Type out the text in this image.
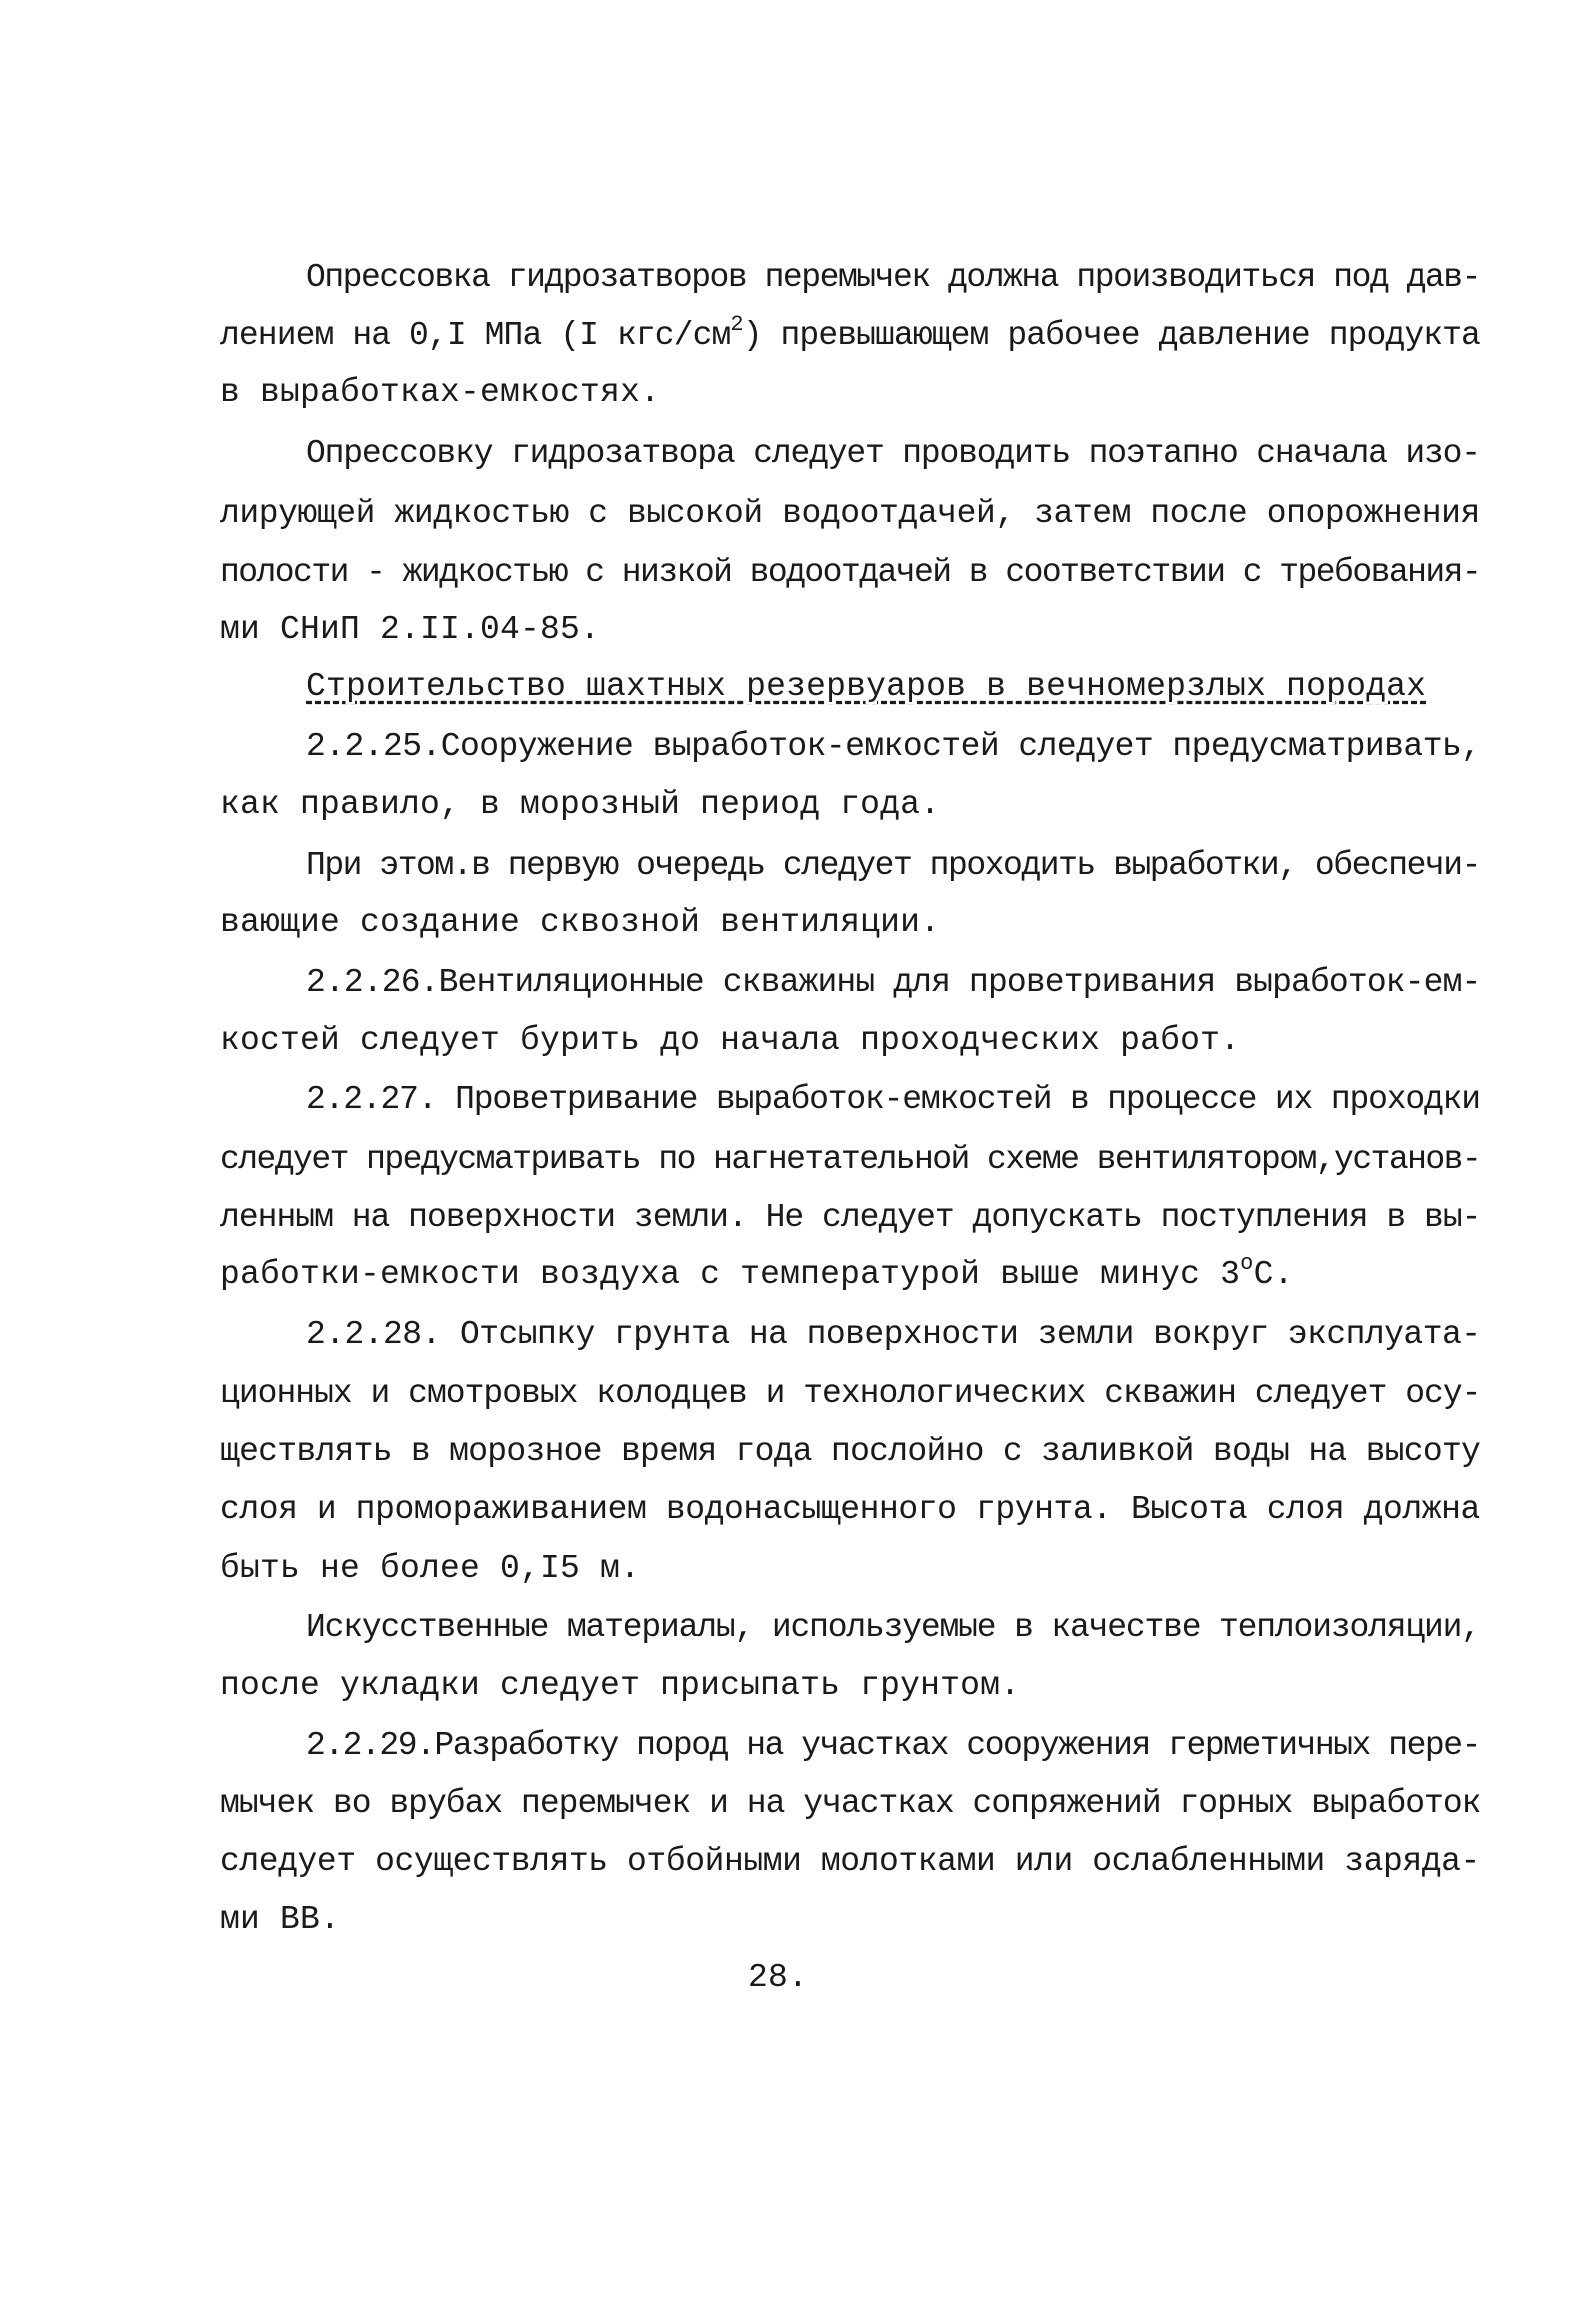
Опрессовка гидрозатворов перемычек должна производиться под дав-
лением на 0,I МПа (I кгс/$см^2$) превышающем рабочее давление продукта
в выработках-емкостях.
Опрессовку гидрозатвора следует проводить поэтапно сначала изо-
лирующей жидкостью с высокой водоотдачей, затем после опорожнения
полости - жидкостью с низкой водоотдачей в соответствии с требования-
ми СНиП 2.II.04-85.
Строительство шахтных резервуаров в вечномерзлых породах
2.2.25.Сооружение выработок-емкостей следует предусматривать,
как правило, в морозный период года.
При этом.в первую очередь следует проходить выработки, обеспечи-
вающие создание сквозной вентиляции.
2.2.26.Вентиляционные скважины для проветривания выработок-ем-
костей следует бурить до начала проходческих работ.
2.2.27. Проветривание выработок-емкостей в процессе их проходки
следует предусматривать по нагнетательной схеме вентилятором,установ-
ленным на поверхности земли. Не следует допускать поступления в вы-
работки-емкости воздуха с температурой выше минус $3^оС$.
2.2.28. Отсыпку грунта на поверхности земли вокруг эксплуата-
ционных и смотровых колодцев и технологических скважин следует осу-
ществлять в морозное время года послойно с заливкой воды на высоту
слоя и промораживанием водонасыщенного грунта. Высота слоя должна
быть не более 0,I5 м.
Искусственные материалы, используемые в качестве теплоизоляции,
после укладки следует присыпать грунтом.
2.2.29.Разработку пород на участках сооружения герметичных пере-
мычек во врубах перемычек и на участках сопряжений горных выработок
следует осуществлять отбойными молотками или ослабленными заряда-
ми ВВ.
28.
